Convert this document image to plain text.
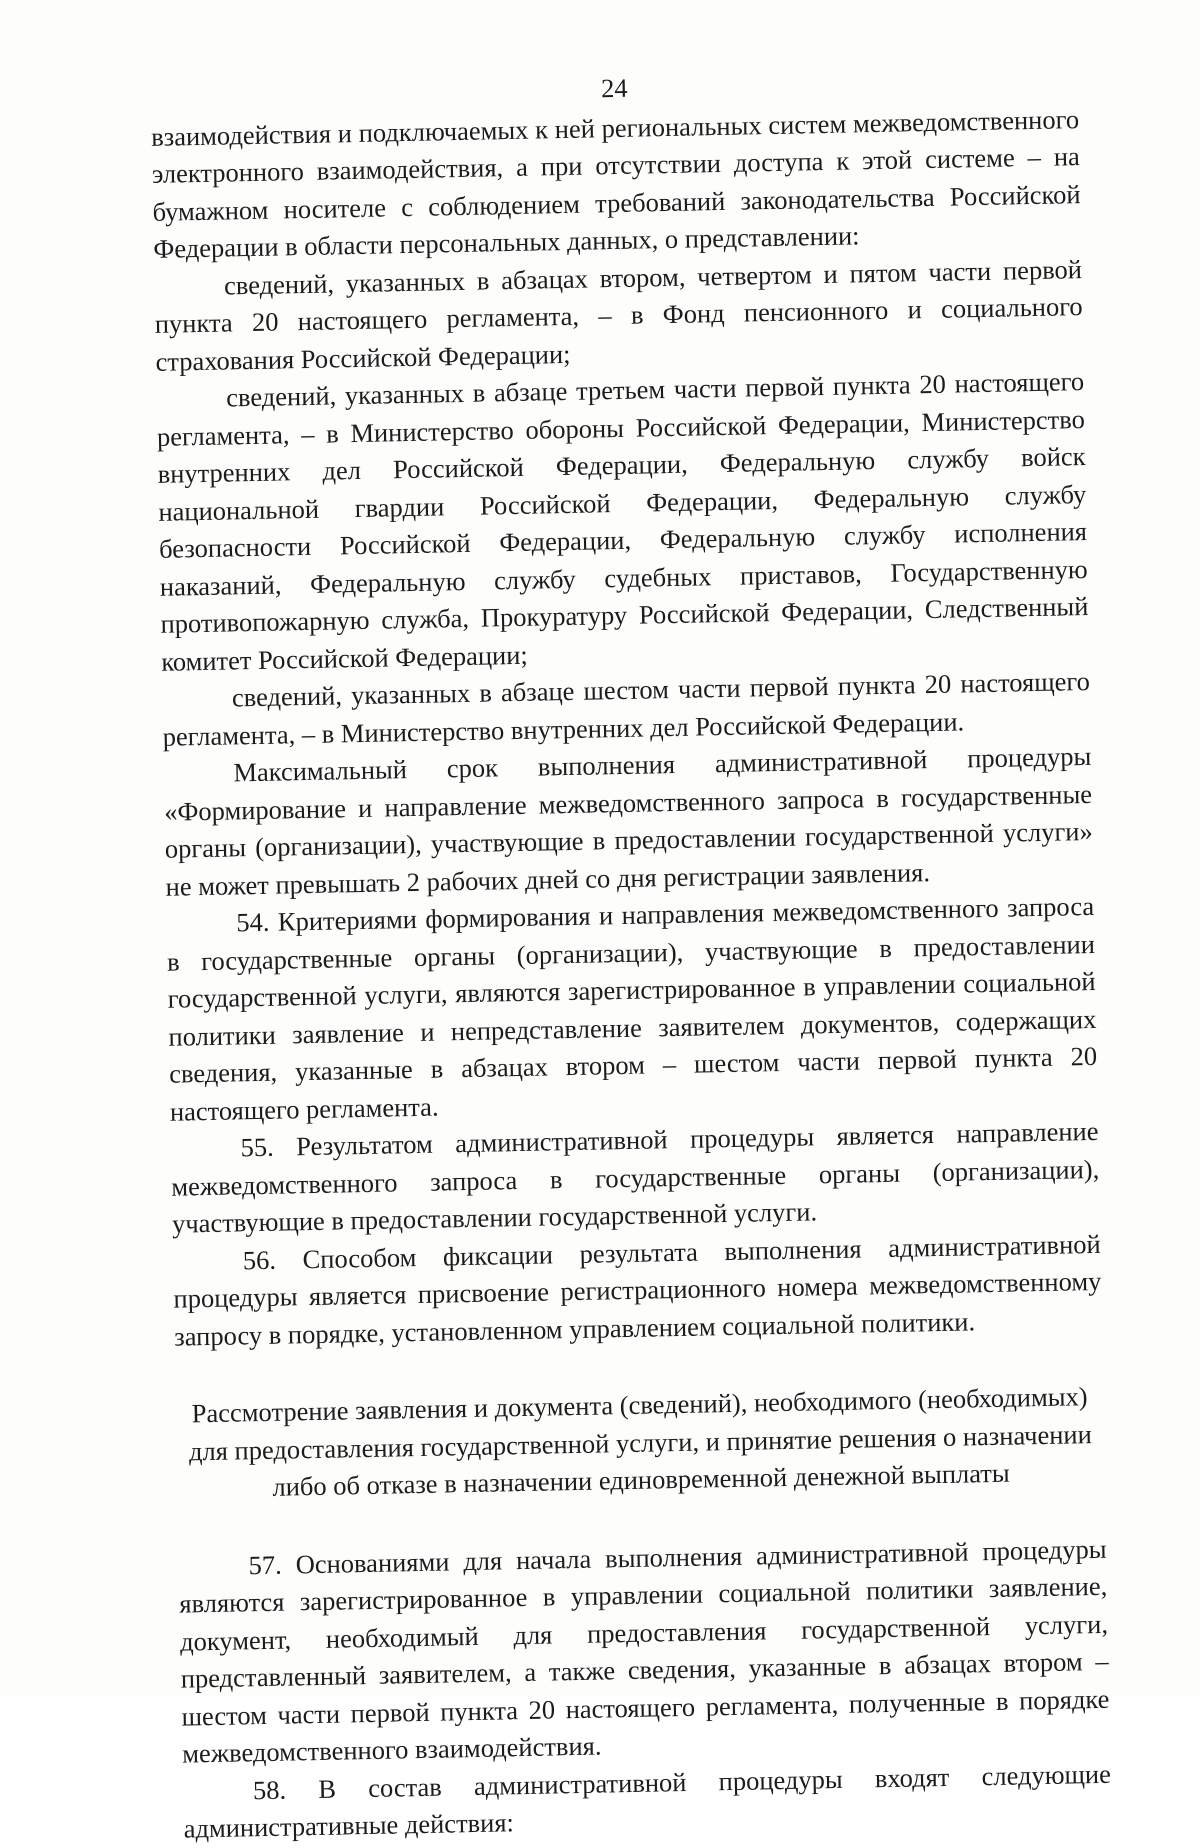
24

взаимодействия и подключаемых к ней региональных систем межведомственного электронного взаимодействия, а при отсутствии доступа к этой системе – на бумажном носителе с соблюдением требований законодательства Российской Федерации в области персональных данных, о представлении:

сведений, указанных в абзацах втором, четвертом и пятом части первой пункта 20 настоящего регламента, – в Фонд пенсионного и социального страхования Российской Федерации;

сведений, указанных в абзаце третьем части первой пункта 20 настоящего регламента, – в Министерство обороны Российской Федерации, Министерство внутренних дел Российской Федерации, Федеральную службу войск национальной гвардии Российской Федерации, Федеральную службу безопасности Российской Федерации, Федеральную службу исполнения наказаний, Федеральную службу судебных приставов, Государственную противопожарную служба, Прокуратуру Российской Федерации, Следственный комитет Российской Федерации;

сведений, указанных в абзаце шестом части первой пункта 20 настоящего регламента, – в Министерство внутренних дел Российской Федерации.

Максимальный срок выполнения административной процедуры «Формирование и направление межведомственного запроса в государственные органы (организации), участвующие в предоставлении государственной услуги» не может превышать 2 рабочих дней со дня регистрации заявления.

54. Критериями формирования и направления межведомственного запроса в государственные органы (организации), участвующие в предоставлении государственной услуги, являются зарегистрированное в управлении социальной политики заявление и непредставление заявителем документов, содержащих сведения, указанные в абзацах втором – шестом части первой пункта 20 настоящего регламента.

55. Результатом административной процедуры является направление межведомственного запроса в государственные органы (организации), участвующие в предоставлении государственной услуги.

56. Способом фиксации результата выполнения административной процедуры является присвоение регистрационного номера межведомственному запросу в порядке, установленном управлением социальной политики.

Рассмотрение заявления и документа (сведений), необходимого (необходимых)
для предоставления государственной услуги, и принятие решения о назначении
либо об отказе в назначении единовременной денежной выплаты

57. Основаниями для начала выполнения административной процедуры являются зарегистрированное в управлении социальной политики заявление, документ, необходимый для предоставления государственной услуги, представленный заявителем, а также сведения, указанные в абзацах втором – шестом части первой пункта 20 настоящего регламента, полученные в порядке межведомственного взаимодействия.

58. В состав административной процедуры входят следующие административные действия:
